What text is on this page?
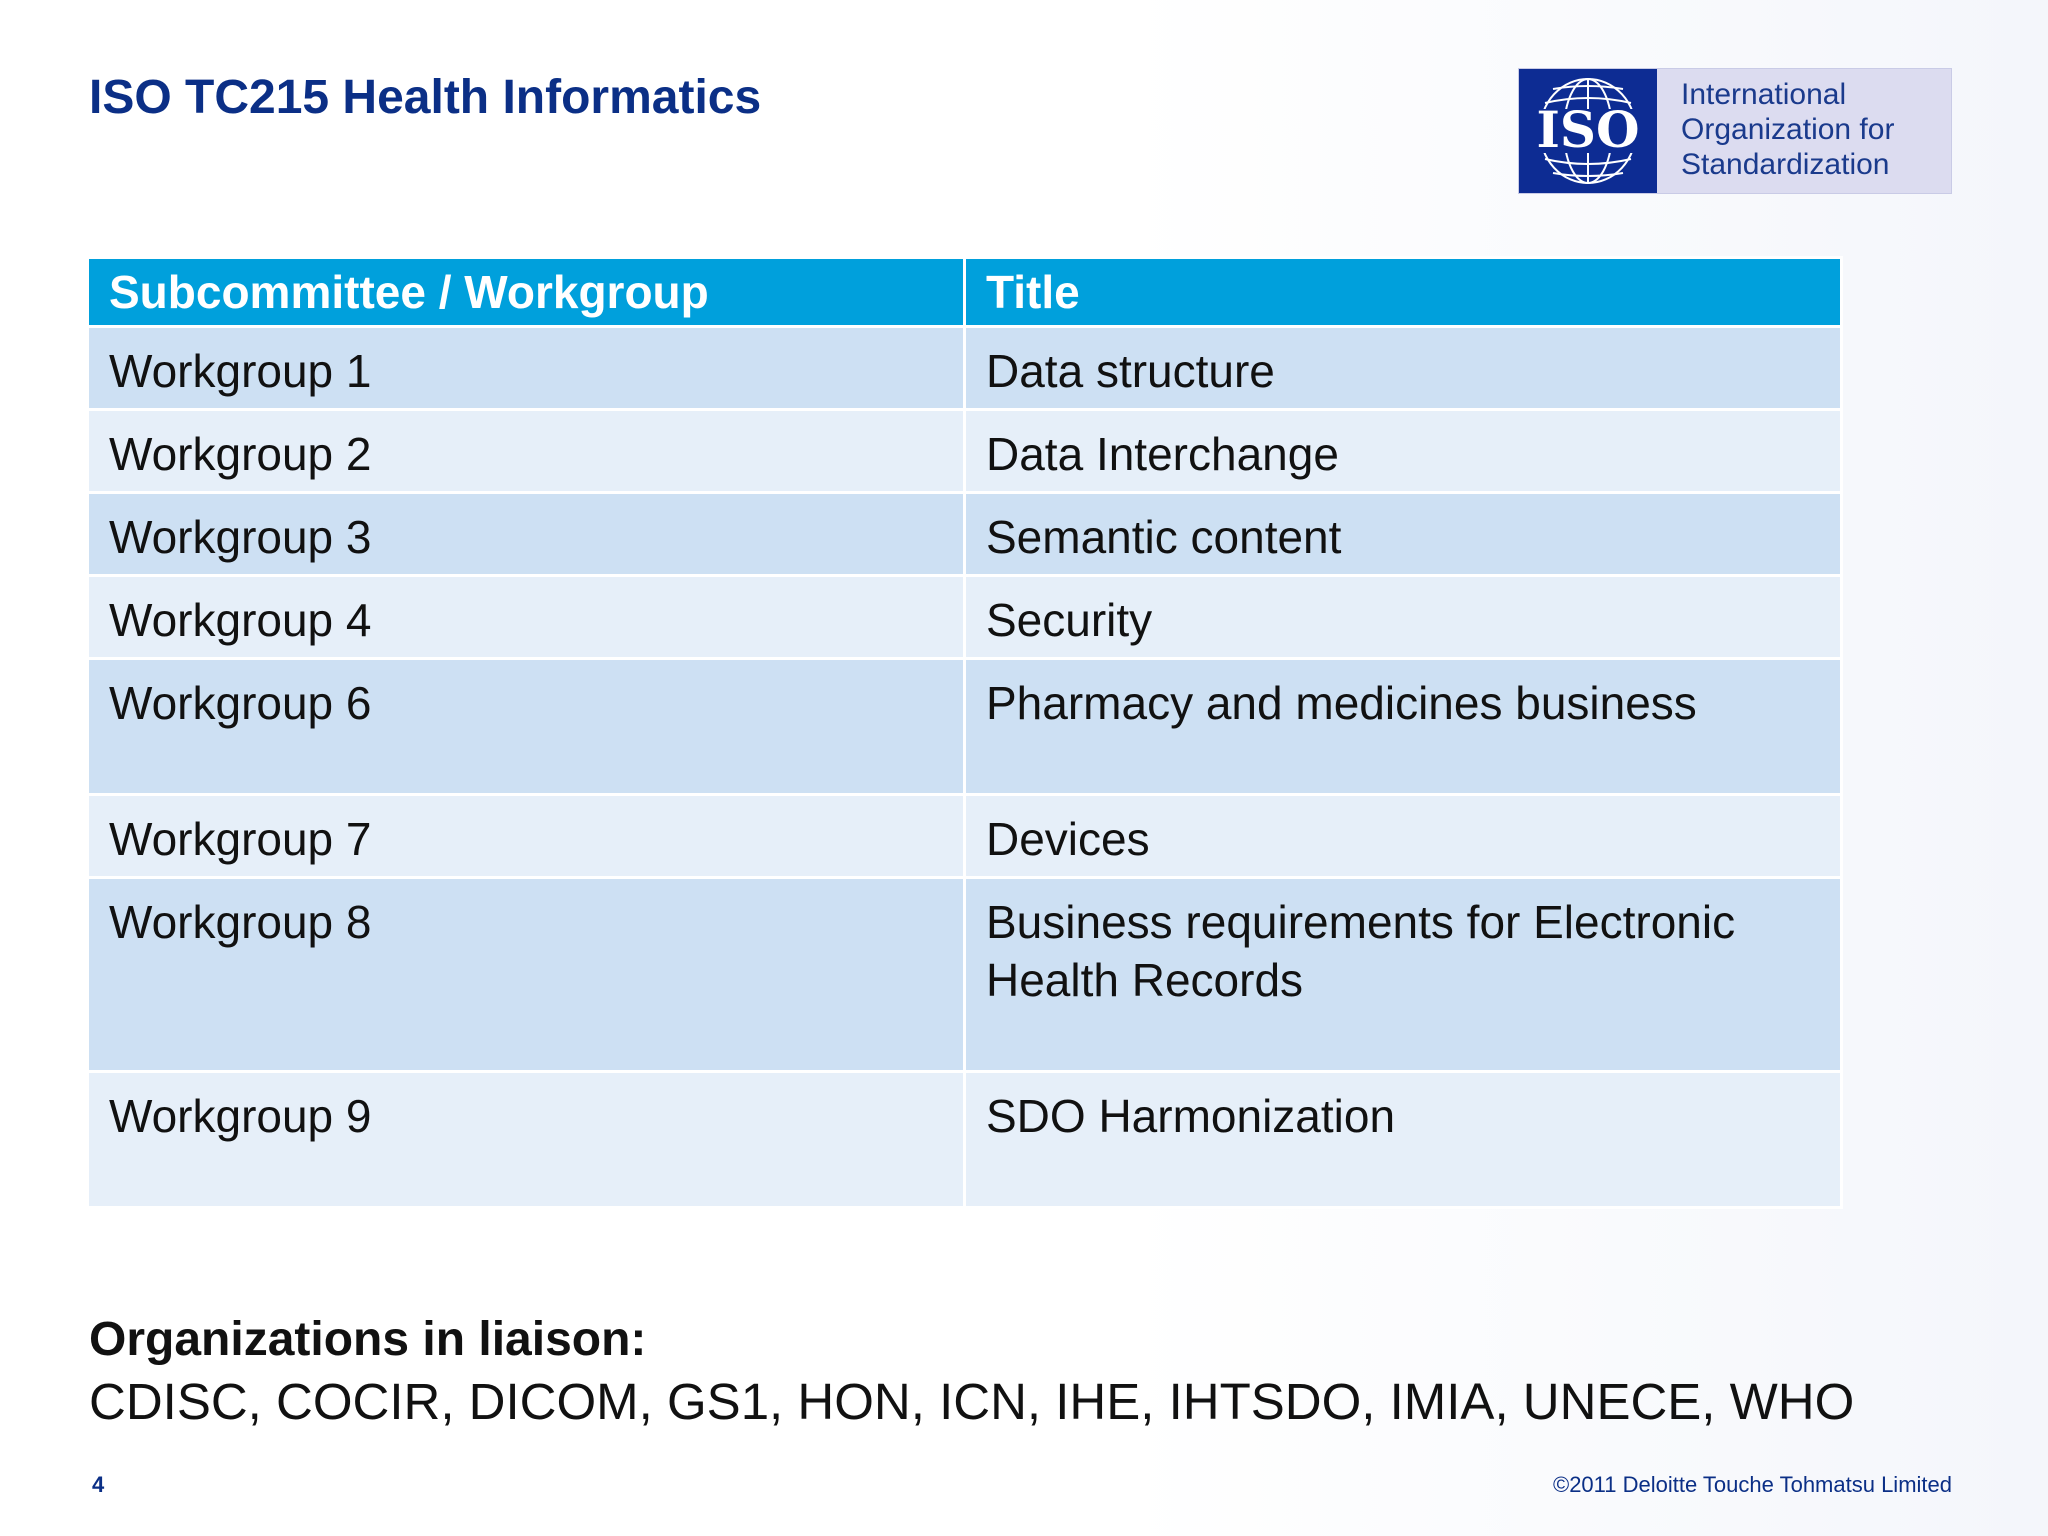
ISO TC215 Health Informatics
ISO
International
Organization for
Standardization
Subcommittee / Workgroup	Title
Workgroup 1	Data structure
Workgroup 2	Data Interchange
Workgroup 3	Semantic content
Workgroup 4	Security
Workgroup 6	Pharmacy and medicines business
Workgroup 7	Devices
Workgroup 8	Business requirements for Electronic Health Records
Workgroup 9	SDO Harmonization
Organizations in liaison:
CDISC, COCIR, DICOM, GS1, HON, ICN, IHE, IHTSDO, IMIA, UNECE, WHO
4	©2011 Deloitte Touche Tohmatsu Limited
